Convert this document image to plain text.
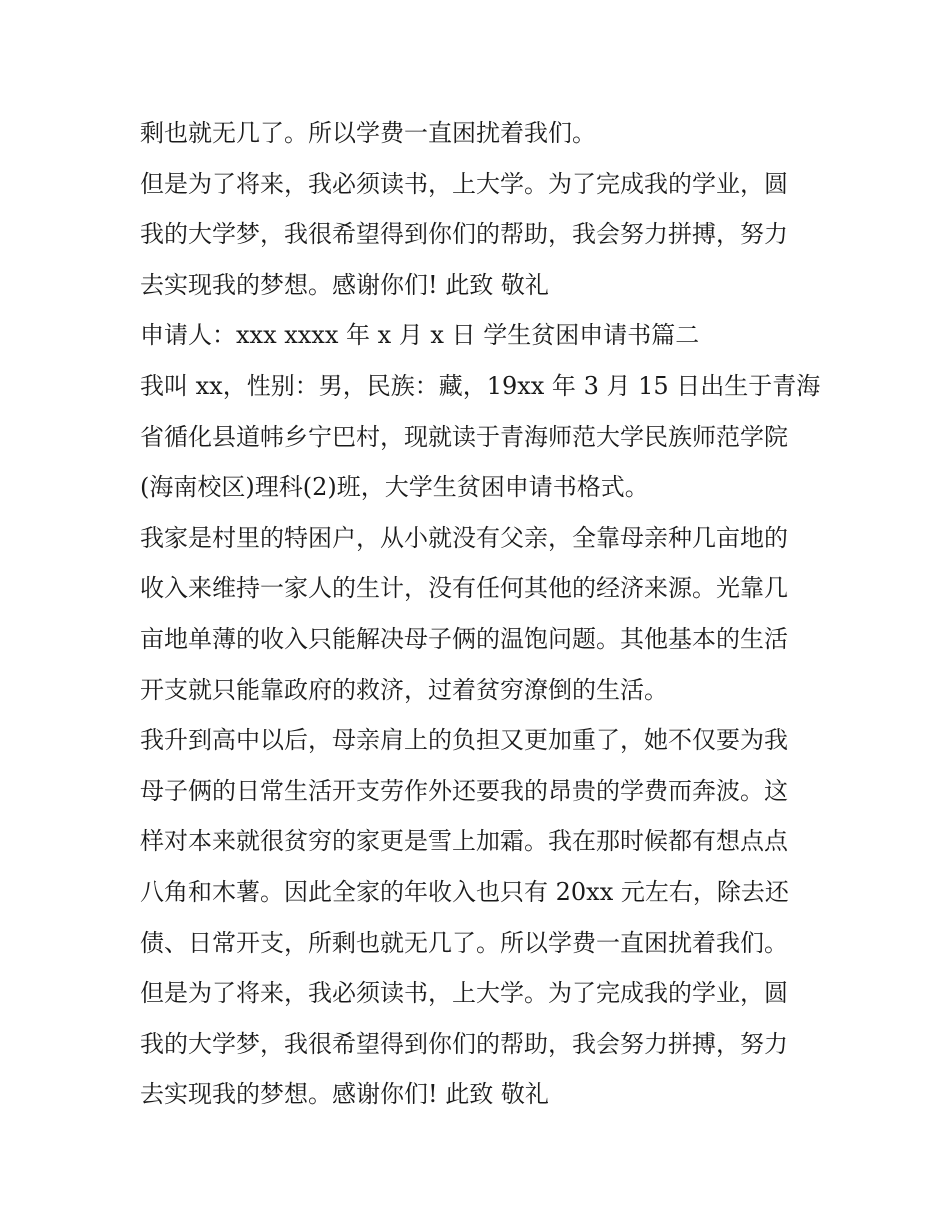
剩也就无几了。所以学费一直困扰着我们。

但是为了将来，我必须读书，上大学。为了完成我的学业，圆

我的大学梦，我很希望得到你们的帮助，我会努力拼搏，努力

去实现我的梦想。感谢你们! 此致 敬礼

申请人：xxx xxxx 年 x 月 x 日 学生贫困申请书篇二

我叫 xx，性别：男，民族：藏，19xx 年 3 月 15 日出生于青海

省循化县道帏乡宁巴村，现就读于青海师范大学民族师范学院

(海南校区)理科(2)班，大学生贫困申请书格式。

我家是村里的特困户，从小就没有父亲，全靠母亲种几亩地的

收入来维持一家人的生计，没有任何其他的经济来源。光靠几

亩地单薄的收入只能解决母子俩的温饱问题。其他基本的生活

开支就只能靠政府的救济，过着贫穷潦倒的生活。

我升到高中以后，母亲肩上的负担又更加重了，她不仅要为我

母子俩的日常生活开支劳作外还要我的昂贵的学费而奔波。这

样对本来就很贫穷的家更是雪上加霜。我在那时候都有想点点

八角和木薯。因此全家的年收入也只有 20xx 元左右，除去还

债、日常开支，所剩也就无几了。所以学费一直困扰着我们。

但是为了将来，我必须读书，上大学。为了完成我的学业，圆

我的大学梦，我很希望得到你们的帮助，我会努力拼搏，努力

去实现我的梦想。感谢你们! 此致 敬礼
